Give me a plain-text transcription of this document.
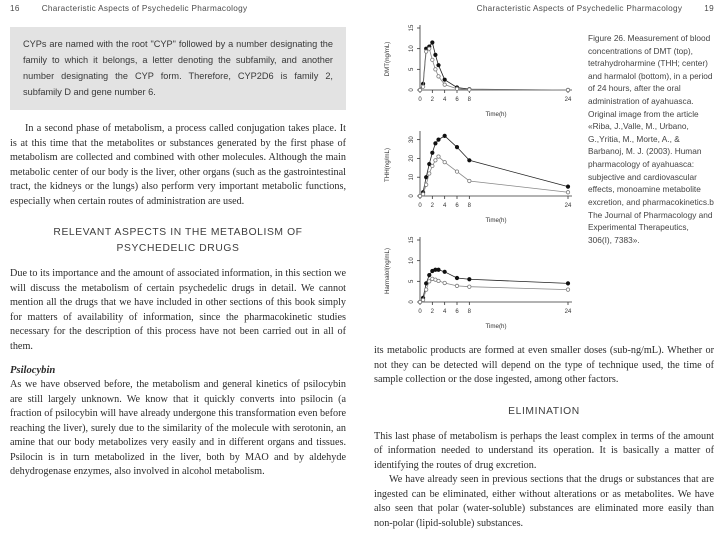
16	Characteristic Aspects of Psychedelic Pharmacology
CYPs are named with the root "CYP" followed by a number designating the family to which it belongs, a letter denoting the subfamily, and another number designating the CYP form. Therefore, CYP2D6 is family 2, subfamily D and gene number 6.

In a second phase of metabolism, a process called conjugation takes place. It is at this time that the metabolites or substances generated by the first phase of metabolism are collected and combined with other molecules. Although the main metabolic center of our body is the liver, other organs (such as the gastrointestinal tract, the kidneys or the lungs) also perform very important metabolic functions, especially when certain routes of administration are used.

RELEVANT ASPECTS IN THE METABOLISM OF PSYCHEDELIC DRUGS

Due to its importance and the amount of associated information, in this section we will discuss the metabolism of certain psychedelic drugs in detail. We cannot mention all the drugs that we have included in other sections of this book simply for matters of availability of information, since the pharmacokinetic studies necessary for the description of this process have not been carried out in all of them.

Psilocybin

As we have observed before, the metabolism and general kinetics of psilocybin are still largely unknown. We know that it quickly converts into psilocin (a fraction of psilocybin will have already undergone this transformation even before reaching the liver), surely due to the similarity of the molecule with serotonin, an amine that our body metabolizes very easily and in different organs and tissues. Psilocin is in turn metabolized in the liver, both by MAO and by aldehyde dehydrogenase enzymes, also involved in alcohol metabolism.

Characteristic Aspects of Psychedelic Pharmacology	19
0
5
10
15
0 2 4 6 8	24
DMT(ng/mL)
Time(h)
0
10
20
30
0 2 4 6 8	24
THH(ng/mL)
Time(h)
0
5
10
15
0 2 4 6 8	24
Harmalol(ng/mL)
Time(h)
Figure 26. Measurement of blood concentrations of DMT (top), tetrahydroharmine (THH; center) and harmalol (bottom), in a period of 24 hours, after the oral administration of ayahuasca. Original image from the article «Riba, J.,Valle, M., Urbano, G.,Yritia, M., Morte, A., & Barbanoj, M. J. (2003). Human pharmacology of ayahuasca: subjective and cardiovascular effects, monoamine metabolite excretion, and pharmacokinetics.b The Journal of Pharmacology and Experimental Therapeutics, 306(I), 7383».

its metabolic products are formed at even smaller doses (sub-ng/mL). Whether or not they can be detected will depend on the type of technique used, the time of sample collection or the dose ingested, among other factors.

ELIMINATION

This last phase of metabolism is perhaps the least complex in terms of the amount of information needed to understand its operation. It is basically a matter of identifying the routes of drug excretion.

We have already seen in previous sections that the drugs or substances that are ingested can be eliminated, either without alterations or as metabolites. We have also seen that polar (water-soluble) substances are eliminated more easily than non-polar (lipid-soluble) substances.
